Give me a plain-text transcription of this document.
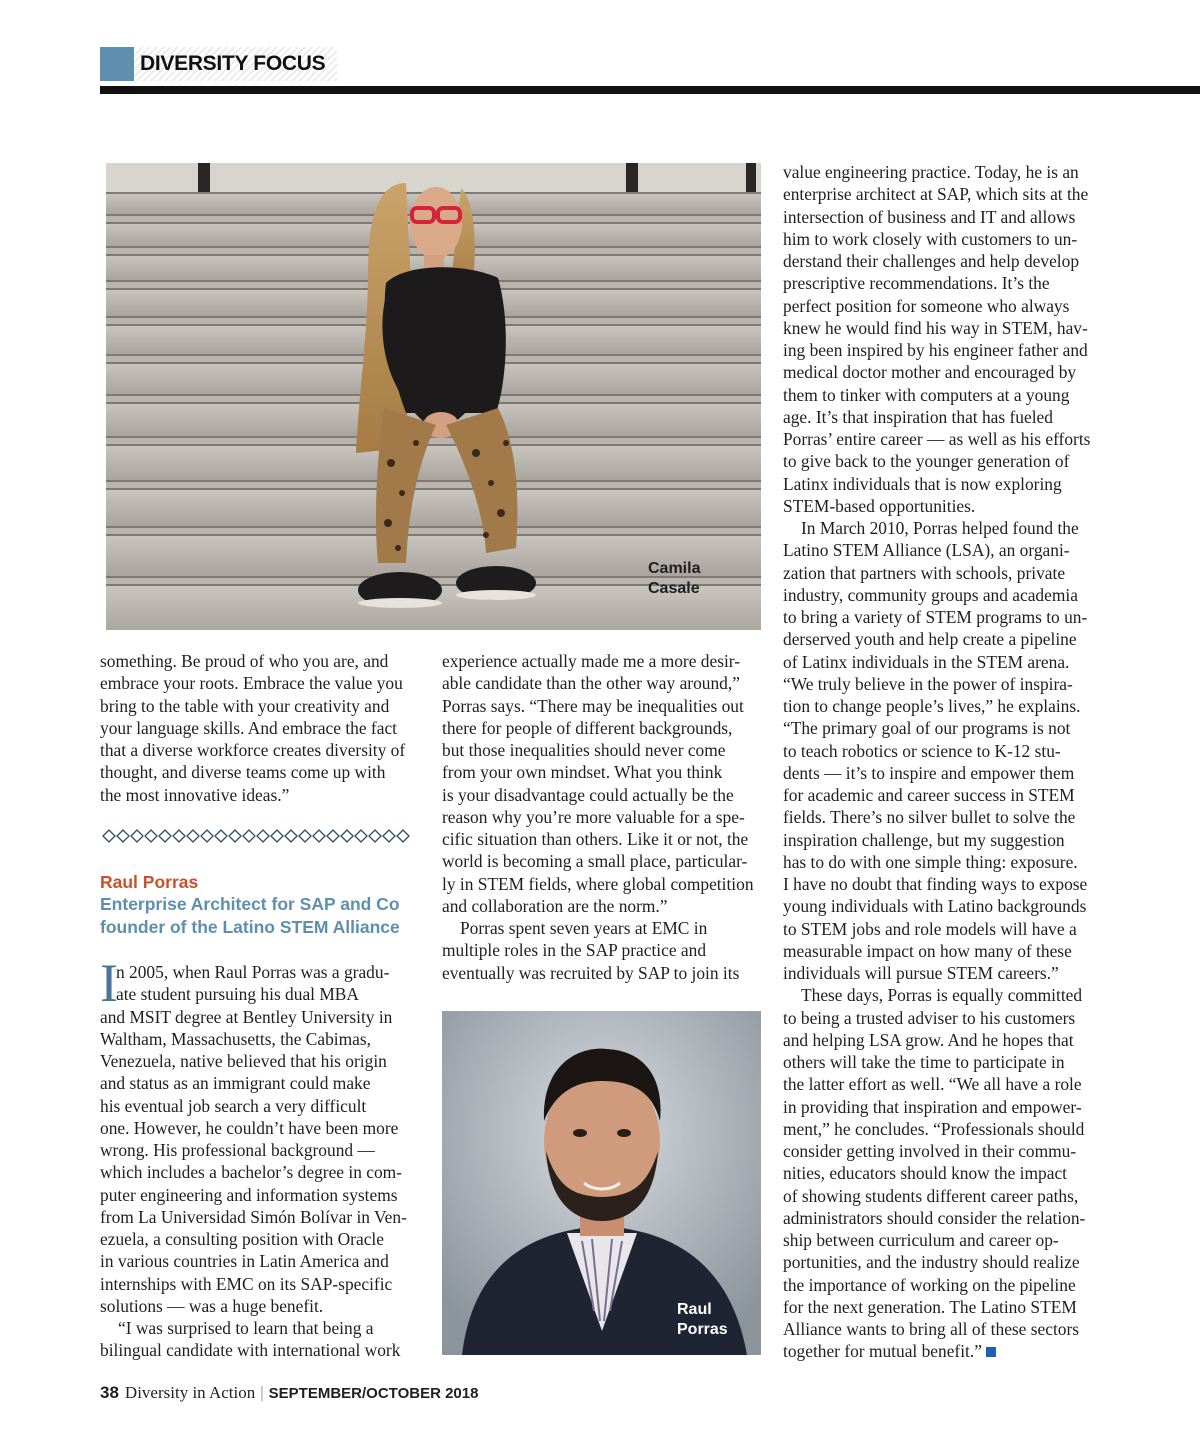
DIVERSITY FOCUS
Camila
Casale

something. Be proud of who you are, and

embrace your roots. Embrace the value you

bring to the table with your creativity and

your language skills. And embrace the fact

that a diverse workforce creates diversity of

thought, and diverse teams come up with

the most innovative ideas.”

Raul Porras

Enterprise Architect for SAP and Co

founder of the Latino STEM Alliance

I

n 2005, when Raul Porras was a gradu-

ate student pursuing his dual MBA

and MSIT degree at Bentley University in

Waltham, Massachusetts, the Cabimas,

Venezuela, native believed that his origin

and status as an immigrant could make

his eventual job search a very difficult

one. However, he couldn’t have been more

wrong. His professional background —

which includes a bachelor’s degree in com-

puter engineering and information systems

from La Universidad Simón Bolívar in Ven-

ezuela, a consulting position with Oracle

in various countries in Latin America and

internships with EMC on its SAP-specific

solutions — was a huge benefit.

“I was surprised to learn that being a

bilingual candidate with international work

experience actually made me a more desir-

able candidate than the other way around,”

Porras says. “There may be inequalities out

there for people of different backgrounds,

but those inequalities should never come

from your own mindset. What you think

is your disadvantage could actually be the

reason why you’re more valuable for a spe-

cific situation than others. Like it or not, the

world is becoming a small place, particular-

ly in STEM fields, where global competition

and collaboration are the norm.”

Porras spent seven years at EMC in

multiple roles in the SAP practice and

eventually was recruited by SAP to join its

Raul
Porras

value engineering practice. Today, he is an

enterprise architect at SAP, which sits at the

intersection of business and IT and allows

him to work closely with customers to un-

derstand their challenges and help develop

prescriptive recommendations. It’s the

perfect position for someone who always

knew he would find his way in STEM, hav-

ing been inspired by his engineer father and

medical doctor mother and encouraged by

them to tinker with computers at a young

age. It’s that inspiration that has fueled

Porras’ entire career — as well as his efforts

to give back to the younger generation of

Latinx individuals that is now exploring

STEM-based opportunities.

In March 2010, Porras helped found the

Latino STEM Alliance (LSA), an organi-

zation that partners with schools, private

industry, community groups and academia

to bring a variety of STEM programs to un-

derserved youth and help create a pipeline

of Latinx individuals in the STEM arena.

“We truly believe in the power of inspira-

tion to change people’s lives,” he explains.

“The primary goal of our programs is not

to teach robotics or science to K-12 stu-

dents — it’s to inspire and empower them

for academic and career success in STEM

fields. There’s no silver bullet to solve the

inspiration challenge, but my suggestion

has to do with one simple thing: exposure.

I have no doubt that finding ways to expose

young individuals with Latino backgrounds

to STEM jobs and role models will have a

measurable impact on how many of these

individuals will pursue STEM careers.”

These days, Porras is equally committed

to being a trusted adviser to his customers

and helping LSA grow. And he hopes that

others will take the time to participate in

the latter effort as well. “We all have a role

in providing that inspiration and empower-

ment,” he concludes. “Professionals should

consider getting involved in their commu-

nities, educators should know the impact

of showing students different career paths,

administrators should consider the relation-

ship between curriculum and career op-

portunities, and the industry should realize

the importance of working on the pipeline

for the next generation. The Latino STEM

Alliance wants to bring all of these sectors

together for mutual benefit.”

38 Diversity in Action | SEPTEMBER/OCTOBER 2018
